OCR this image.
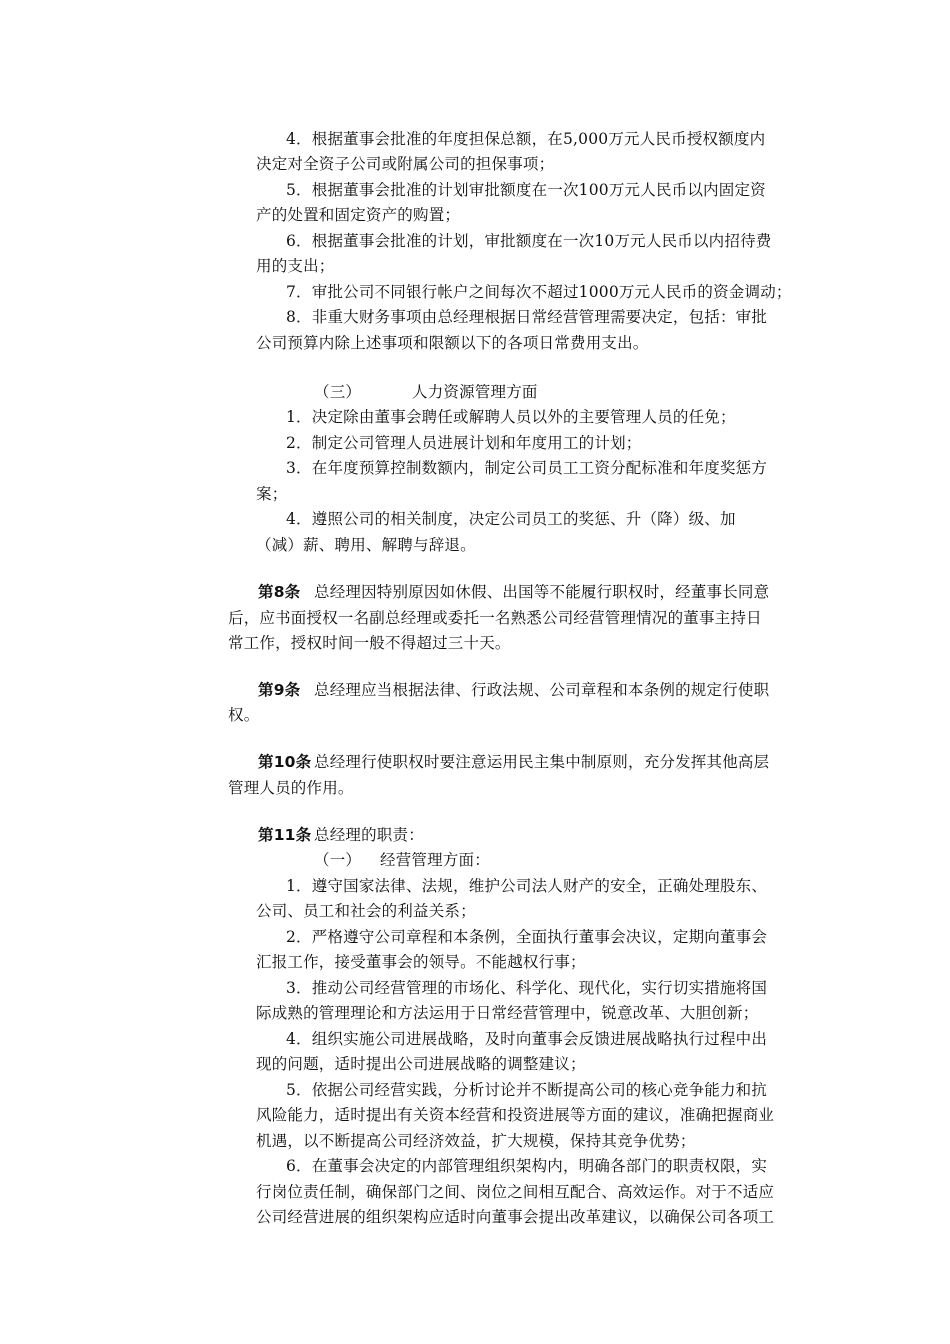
4．根据董事会批准的年度担保总额，在5,000万元人民币授权额度内
决定对全资子公司或附属公司的担保事项；
5．根据董事会批准的计划审批额度在一次100万元人民币以内固定资
产的处置和固定资产的购置；
6．根据董事会批准的计划，审批额度在一次10万元人民币以内招待费
用的支出；
7．审批公司不同银行帐户之间每次不超过1000万元人民币的资金调动；
8．非重大财务事项由总经理根据日常经营管理需要决定，包括：审批
公司预算内除上述事项和限额以下的各项日常费用支出。
（三）	人力资源管理方面
1．决定除由董事会聘任或解聘人员以外的主要管理人员的任免；
2．制定公司管理人员进展计划和年度用工的计划；
3．在年度预算控制数额内，制定公司员工工资分配标准和年度奖惩方
案；
4．遵照公司的相关制度，决定公司员工的奖惩、升（降）级、加
（减）薪、聘用、解聘与辞退。
第8条 总经理因特别原因如休假、出国等不能履行职权时，经董事长同意
后，应书面授权一名副总经理或委托一名熟悉公司经营管理情况的董事主持日
常工作，授权时间一般不得超过三十天。
第9条 总经理应当根据法律、行政法规、公司章程和本条例的规定行使职
权。
第10条 总经理行使职权时要注意运用民主集中制原则，充分发挥其他高层
管理人员的作用。
第11条 总经理的职责：
（一） 经营管理方面：
1．遵守国家法律、法规，维护公司法人财产的安全，正确处理股东、
公司、员工和社会的利益关系；
2．严格遵守公司章程和本条例，全面执行董事会决议，定期向董事会
汇报工作，接受董事会的领导。不能越权行事；
3．推动公司经营管理的市场化、科学化、现代化，实行切实措施将国
际成熟的管理理论和方法运用于日常经营管理中，锐意改革、大胆创新；
4．组织实施公司进展战略，及时向董事会反馈进展战略执行过程中出
现的问题，适时提出公司进展战略的调整建议；
5．依据公司经营实践，分析讨论并不断提高公司的核心竞争能力和抗
风险能力，适时提出有关资本经营和投资进展等方面的建议，准确把握商业
机遇，以不断提高公司经济效益，扩大规模，保持其竞争优势；
6．在董事会决定的内部管理组织架构内，明确各部门的职责权限，实
行岗位责任制，确保部门之间、岗位之间相互配合、高效运作。对于不适应
公司经营进展的组织架构应适时向董事会提出改革建议，以确保公司各项工
